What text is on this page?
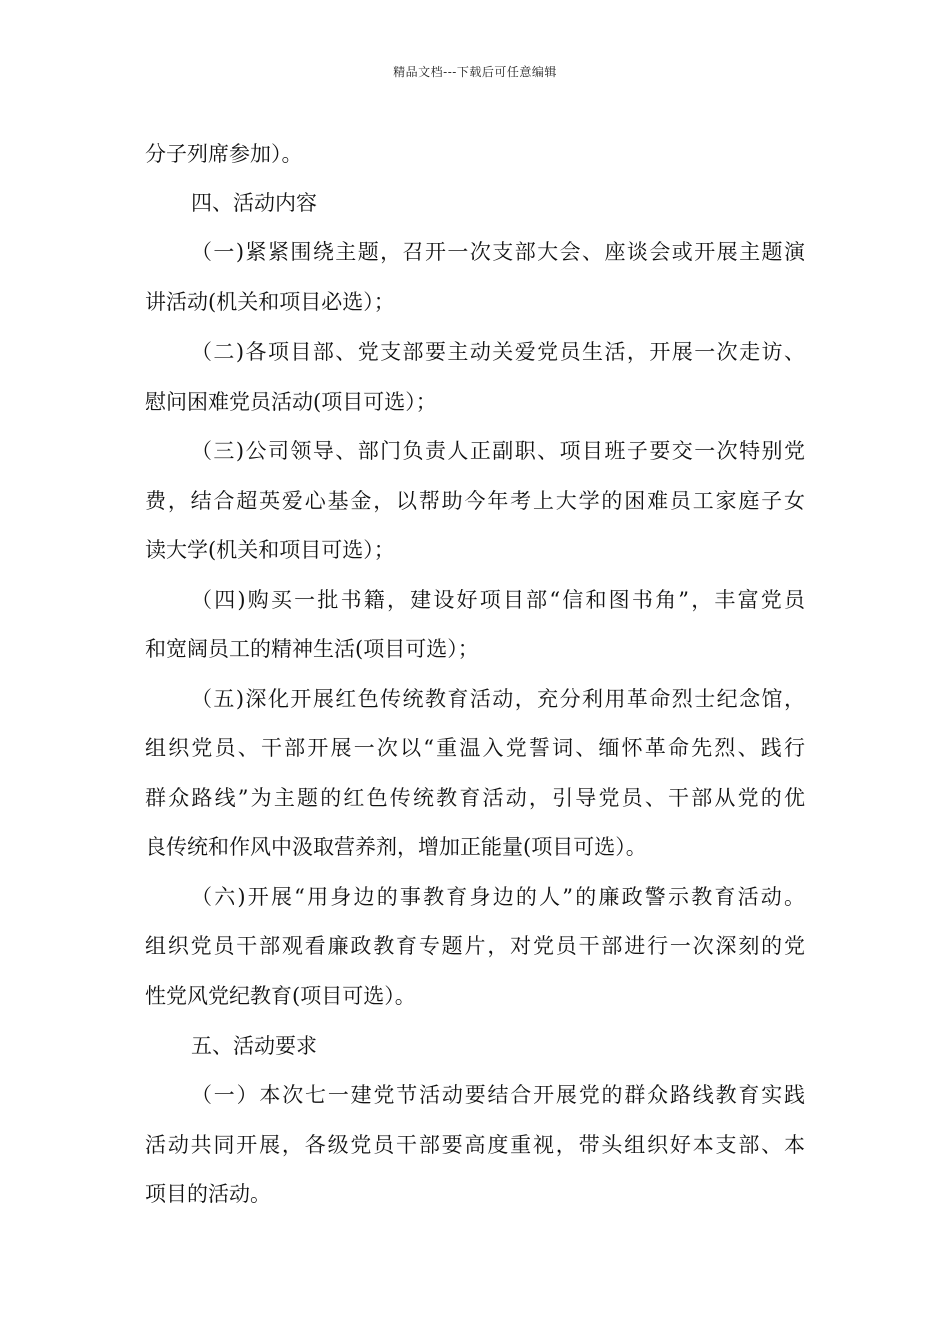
精品文档---下载后可任意编辑
分子列席参加）。
四、活动内容
（一)紧紧围绕主题，召开一次支部大会、座谈会或开展主题演
讲活动(机关和项目必选）；
（二)各项目部、党支部要主动关爱党员生活，开展一次走访、
慰问困难党员活动(项目可选）；
（三)公司领导、部门负责人正副职、项目班子要交一次特别党
费，结合超英爱心基金，以帮助今年考上大学的困难员工家庭子女
读大学(机关和项目可选）；
（四)购买一批书籍，建设好项目部“信和图书角”，丰富党员
和宽阔员工的精神生活(项目可选）；
（五)深化开展红色传统教育活动，充分利用革命烈士纪念馆，
组织党员、干部开展一次以“重温入党誓词、缅怀革命先烈、践行
群众路线”为主题的红色传统教育活动，引导党员、干部从党的优
良传统和作风中汲取营养剂，增加正能量(项目可选）。
（六)开展“用身边的事教育身边的人”的廉政警示教育活动。
组织党员干部观看廉政教育专题片，对党员干部进行一次深刻的党
性党风党纪教育(项目可选）。
五、活动要求
（一）本次七一建党节活动要结合开展党的群众路线教育实践
活动共同开展，各级党员干部要高度重视，带头组织好本支部、本
项目的活动。
